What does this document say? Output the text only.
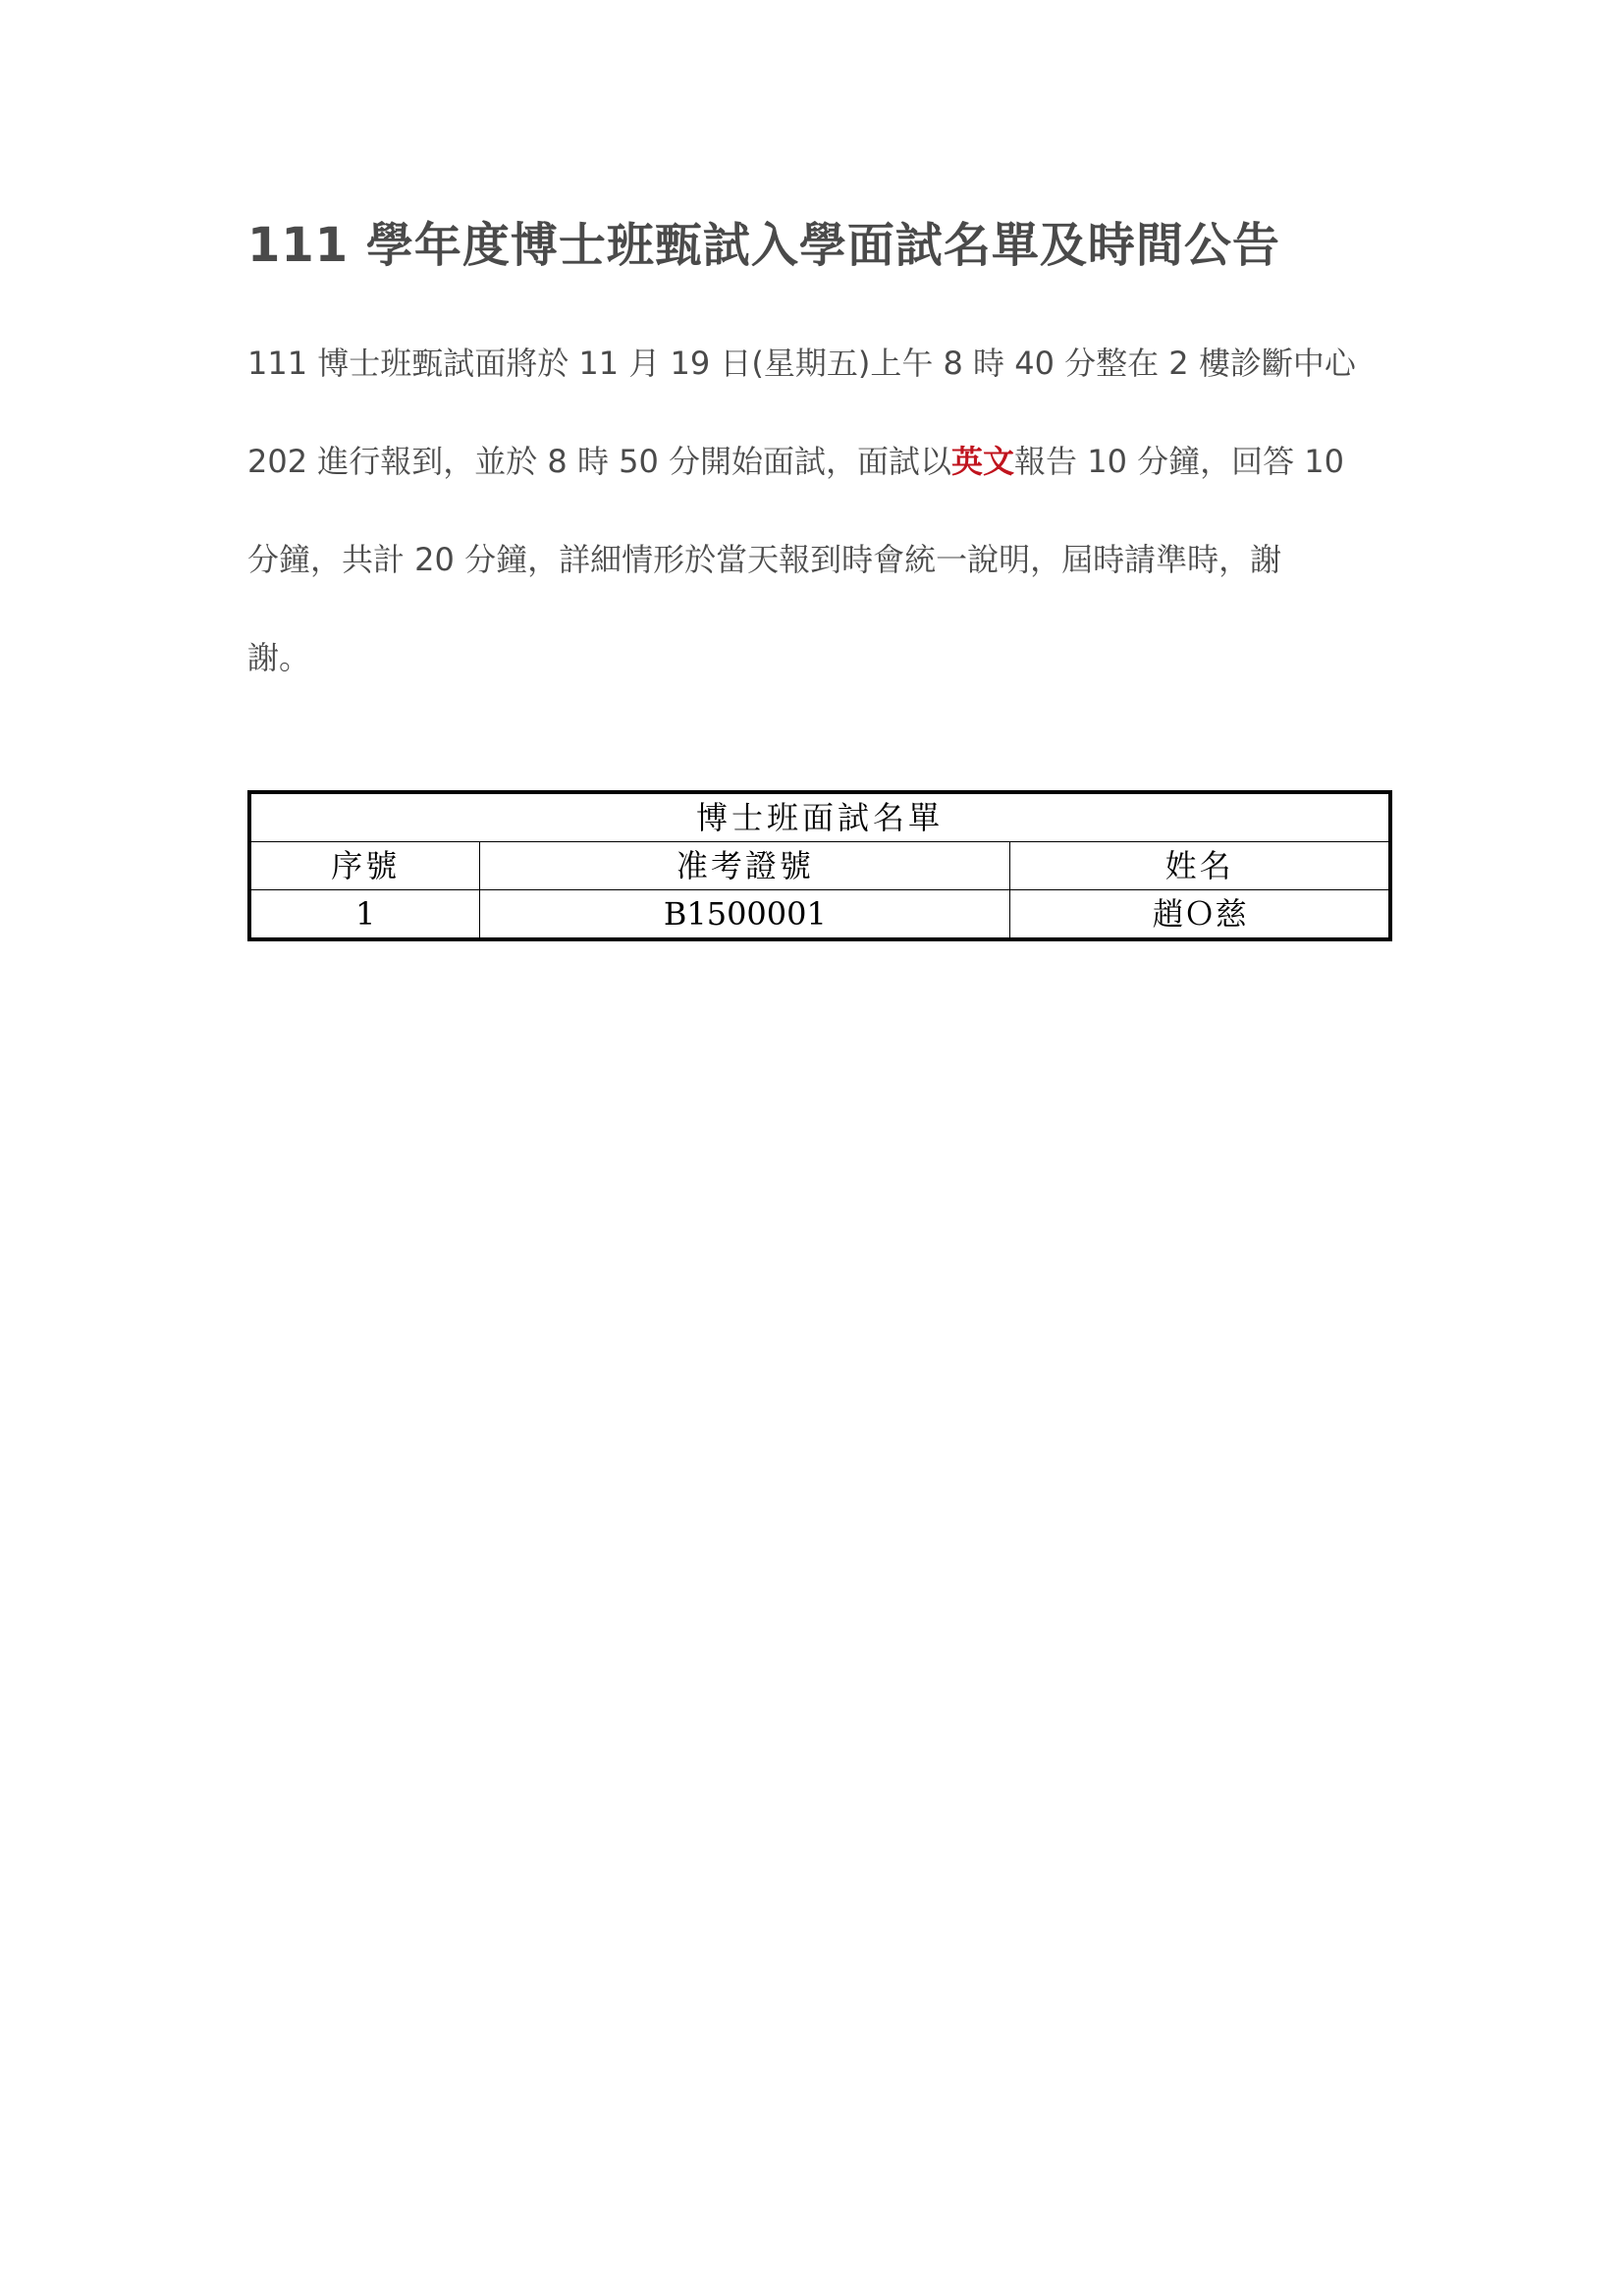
111 學年度博士班甄試入學面試名單及時間公告
111 博士班甄試面將於 11 月 19 日(星期五)上午 8 時 40 分整在 2 樓診斷中心
202 進行報到，並於 8 時 50 分開始面試，面試以英文報告 10 分鐘，回答 10
分鐘，共計 20 分鐘，詳細情形於當天報到時會統一說明，屆時請準時，謝
謝。
博士班面試名單		
序號	准考證號	姓名
1	B1500001	趙Ｏ慈
